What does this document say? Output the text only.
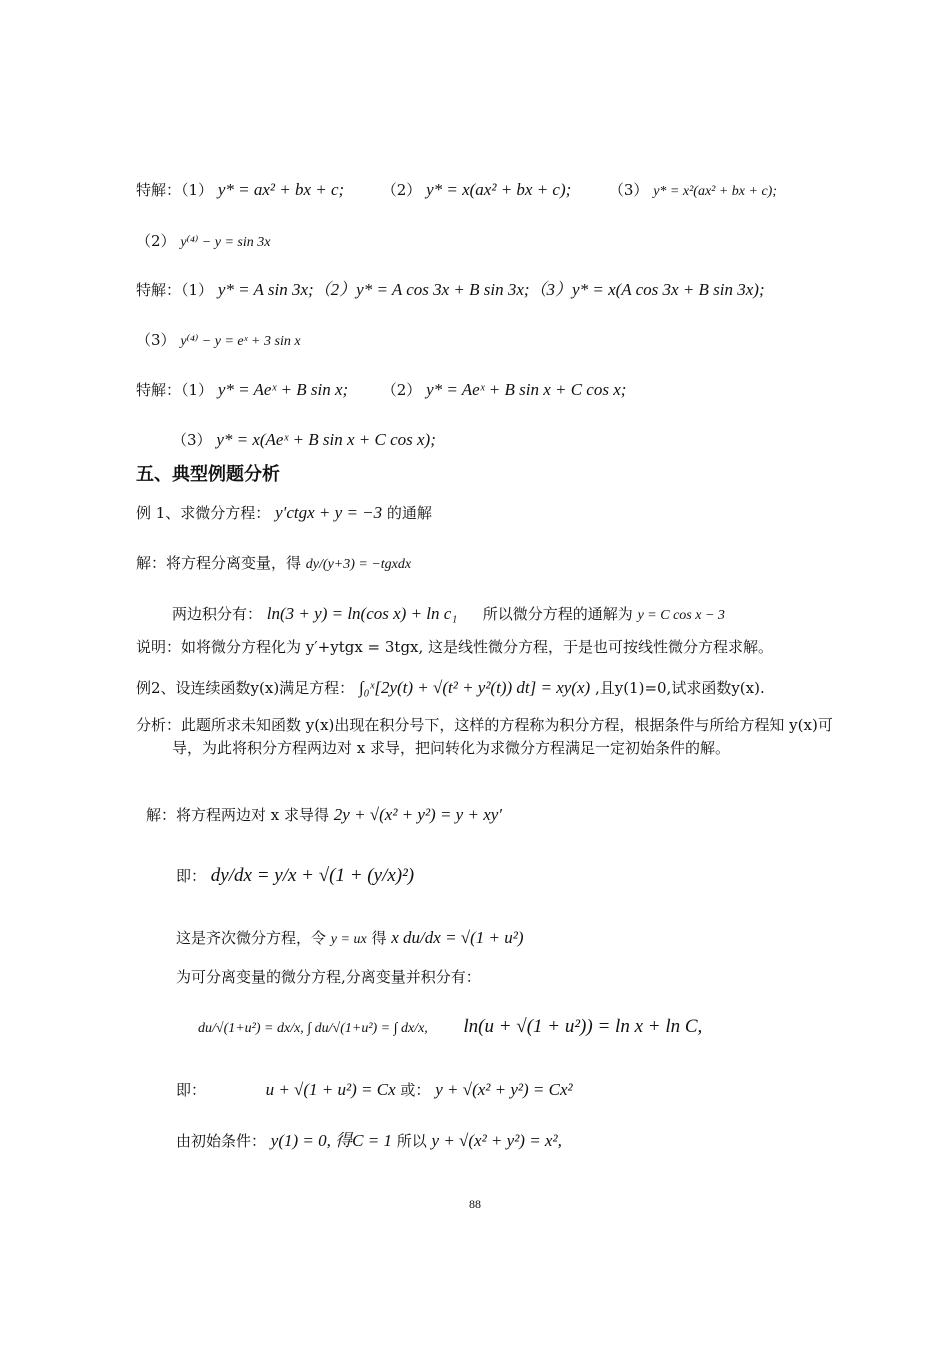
特解：（1） y* = ax² + bx + c;	（2） y* = x(ax² + bx + c);	（3） y* = x²(ax² + bx + c);
（2） y⁽⁴⁾ − y = sin 3x
特解：（1） y* = A sin 3x;（2）y* = A cos 3x + B sin 3x;（3）y* = x(A cos 3x + B sin 3x);
（3） y⁽⁴⁾ − y = eˣ + 3 sin x
特解：（1） y* = Aeˣ + B sin x; （2） y* = Aeˣ + B sin x + C cos x;
（3） y* = x(Aeˣ + B sin x + C cos x);
五、典型例题分析
例 1、求微分方程： y′ctgx + y = −3 的通解
解：将方程分离变量，得 dy/(y+3) = −tgxdx
两边积分有： ln(3 + y) = ln(cos x) + ln c₁ 所以微分方程的通解为 y = C cos x − 3
说明：如将微分方程化为 y′+ytgx = 3tgx, 这是线性微分方程，于是也可按线性微分方程求解。
例2、设连续函数y(x)满足方程： ∫₀ˣ[2y(t) + √(t² + y²(t)) dt] = xy(x) ,且y(1)=0,试求函数y(x).
分析：此题所求未知函数 y(x)出现在积分号下，这样的方程称为积分方程，根据条件与所给方程知 y(x)可导，为此将积分方程两边对 x 求导，把问转化为求微分方程满足一定初始条件的解。
解：将方程两边对 x 求导得 2y + √(x² + y²) = y + xy′
即： dy/dx = y/x + √(1 + (y/x)²)
这是齐次微分方程，令 y = ux 得 x du/dx = √(1 + u²)
为可分离变量的微分方程,分离变量并积分有：
du/√(1+u²) = dx/x, ∫ du/√(1+u²) = ∫ dx/x, ln(u + √(1 + u²)) = ln x + ln C,
即：	u + √(1 + u²) = Cx 或： y + √(x² + y²) = Cx²
由初始条件： y(1) = 0, 得C = 1 所以 y + √(x² + y²) = x²,
88
